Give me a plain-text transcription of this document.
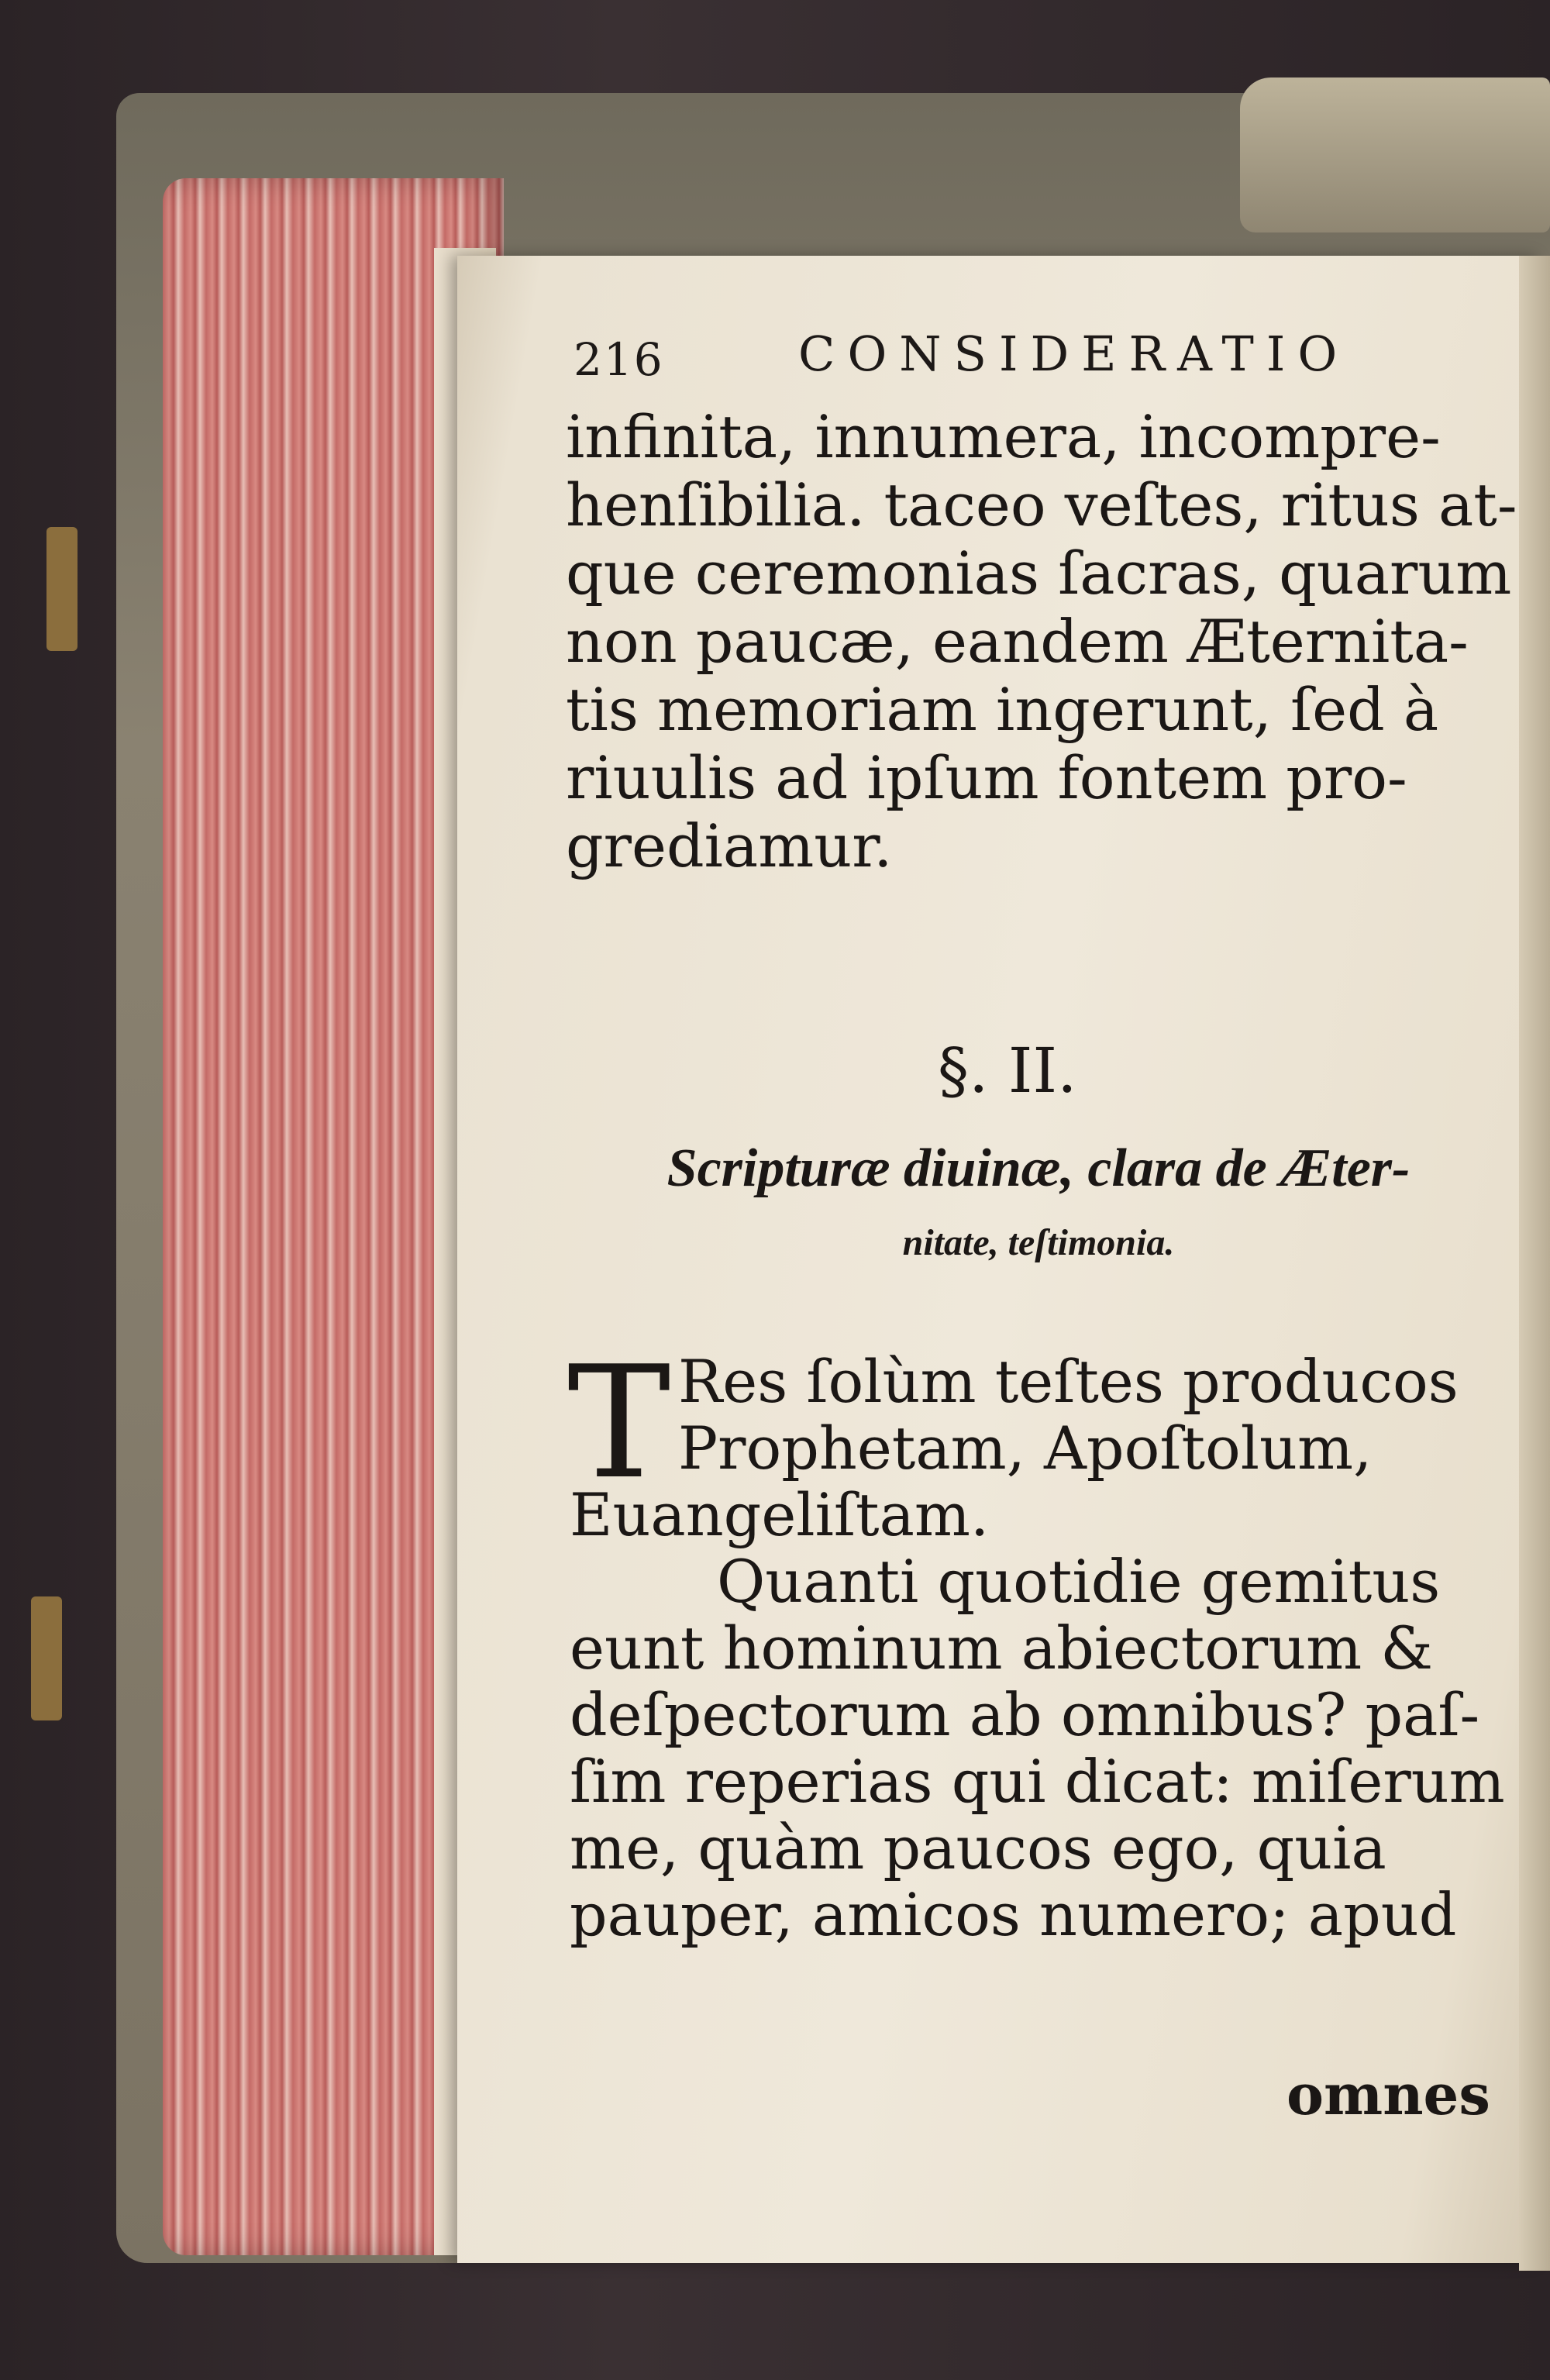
216	CONSIDERATIO
infinita, innumera, incompre-
henſibilia. taceo veſtes, ritus at-
que ceremonias ſacras, quarum
non paucæ, eandem Æternita-
tis memoriam ingerunt, ſed à
riuulis ad ipſum fontem pro-
grediamur.
§. II.
Scripturæ diuinæ, clara de Æter-
nitate, teſtimonia.
T Res ſolùm teſtes producos
Prophetam, Apoſtolum,
Euangeliſtam.
Quanti quotidie gemitus
eunt hominum abiectorum &
deſpectorum ab omnibus? paſ-
ſim reperias qui dicat: miſerum
me, quàm paucos ego, quia
pauper, amicos numero; apud
omnes
